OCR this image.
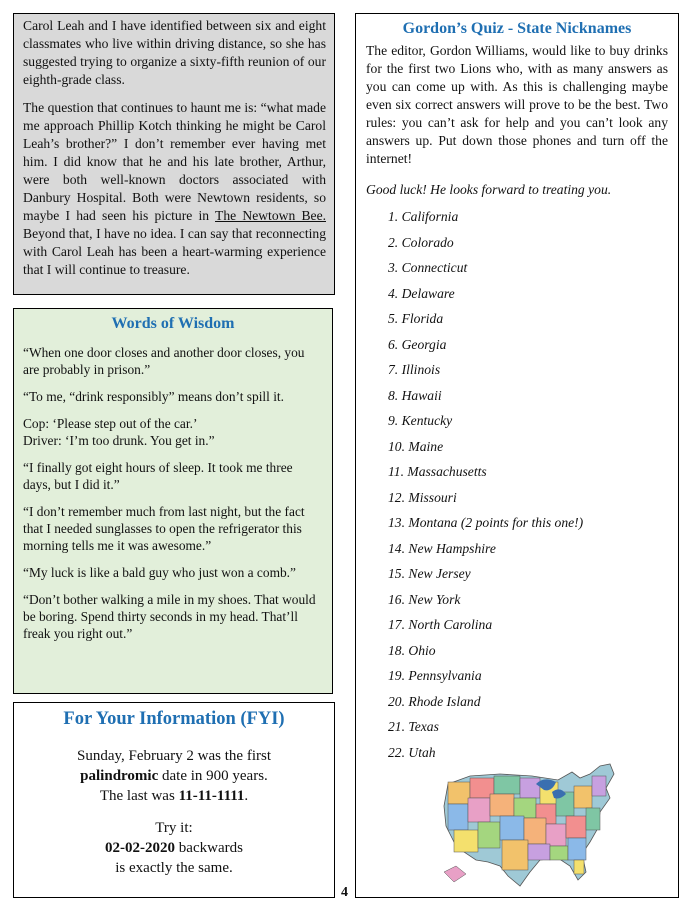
Carol Leah and I have identified between six and eight classmates who live within driving distance, so she has suggested trying to organize a sixty-fifth reunion of our eighth-grade class.

The question that continues to haunt me is: “what made me approach Phillip Kotch thinking he might be Carol Leah’s brother?” I don’t remember ever having met him. I did know that he and his late brother, Arthur, were both well-known doctors associated with Danbury Hospital. Both were Newtown residents, so maybe I had seen his picture in The Newtown Bee. Beyond that, I have no idea. I can say that reconnecting with Carol Leah has been a heart-warming experience that I will continue to treasure.

Words of Wisdom

“When one door closes and another door closes, you are probably in prison.”

“To me, “drink responsibly” means don’t spill it.

Cop: ‘Please step out of the car.’
Driver: ‘I’m too drunk. You get in.”

“I finally got eight hours of sleep. It took me three days, but I did it.”

“I don’t remember much from last night, but the fact that I needed sunglasses to open the refrigerator this morning tells me it was awesome.”

“My luck is like a bald guy who just won a comb.”

“Don’t bother walking a mile in my shoes. That would be boring. Spend thirty seconds in my head. That’ll freak you right out.”

For Your Information (FYI)

Sunday, February 2 was the first
palindromic date in 900 years.
The last was 11-11-1111.

Try it:
02-02-2020 backwards
is exactly the same.

4
Gordon’s Quiz - State Nicknames

The editor, Gordon Williams, would like to buy drinks for the first two Lions who, with as many answers as you can come up with. As this is challenging maybe even six correct answers will prove to be the best. Two rules: you can’t ask for help and you can’t look any answers up. Put down those phones and turn off the internet!

Good luck! He looks forward to treating you.

1. California
2. Colorado
3. Connecticut
4. Delaware
5. Florida
6. Georgia
7. Illinois
8. Hawaii
9. Kentucky
10. Maine
11. Massachusetts
12. Missouri
13. Montana (2 points for this one!)
14. New Hampshire
15. New Jersey
16. New York
17. North Carolina
18. Ohio
19. Pennsylvania
20. Rhode Island
21. Texas
22. Utah
